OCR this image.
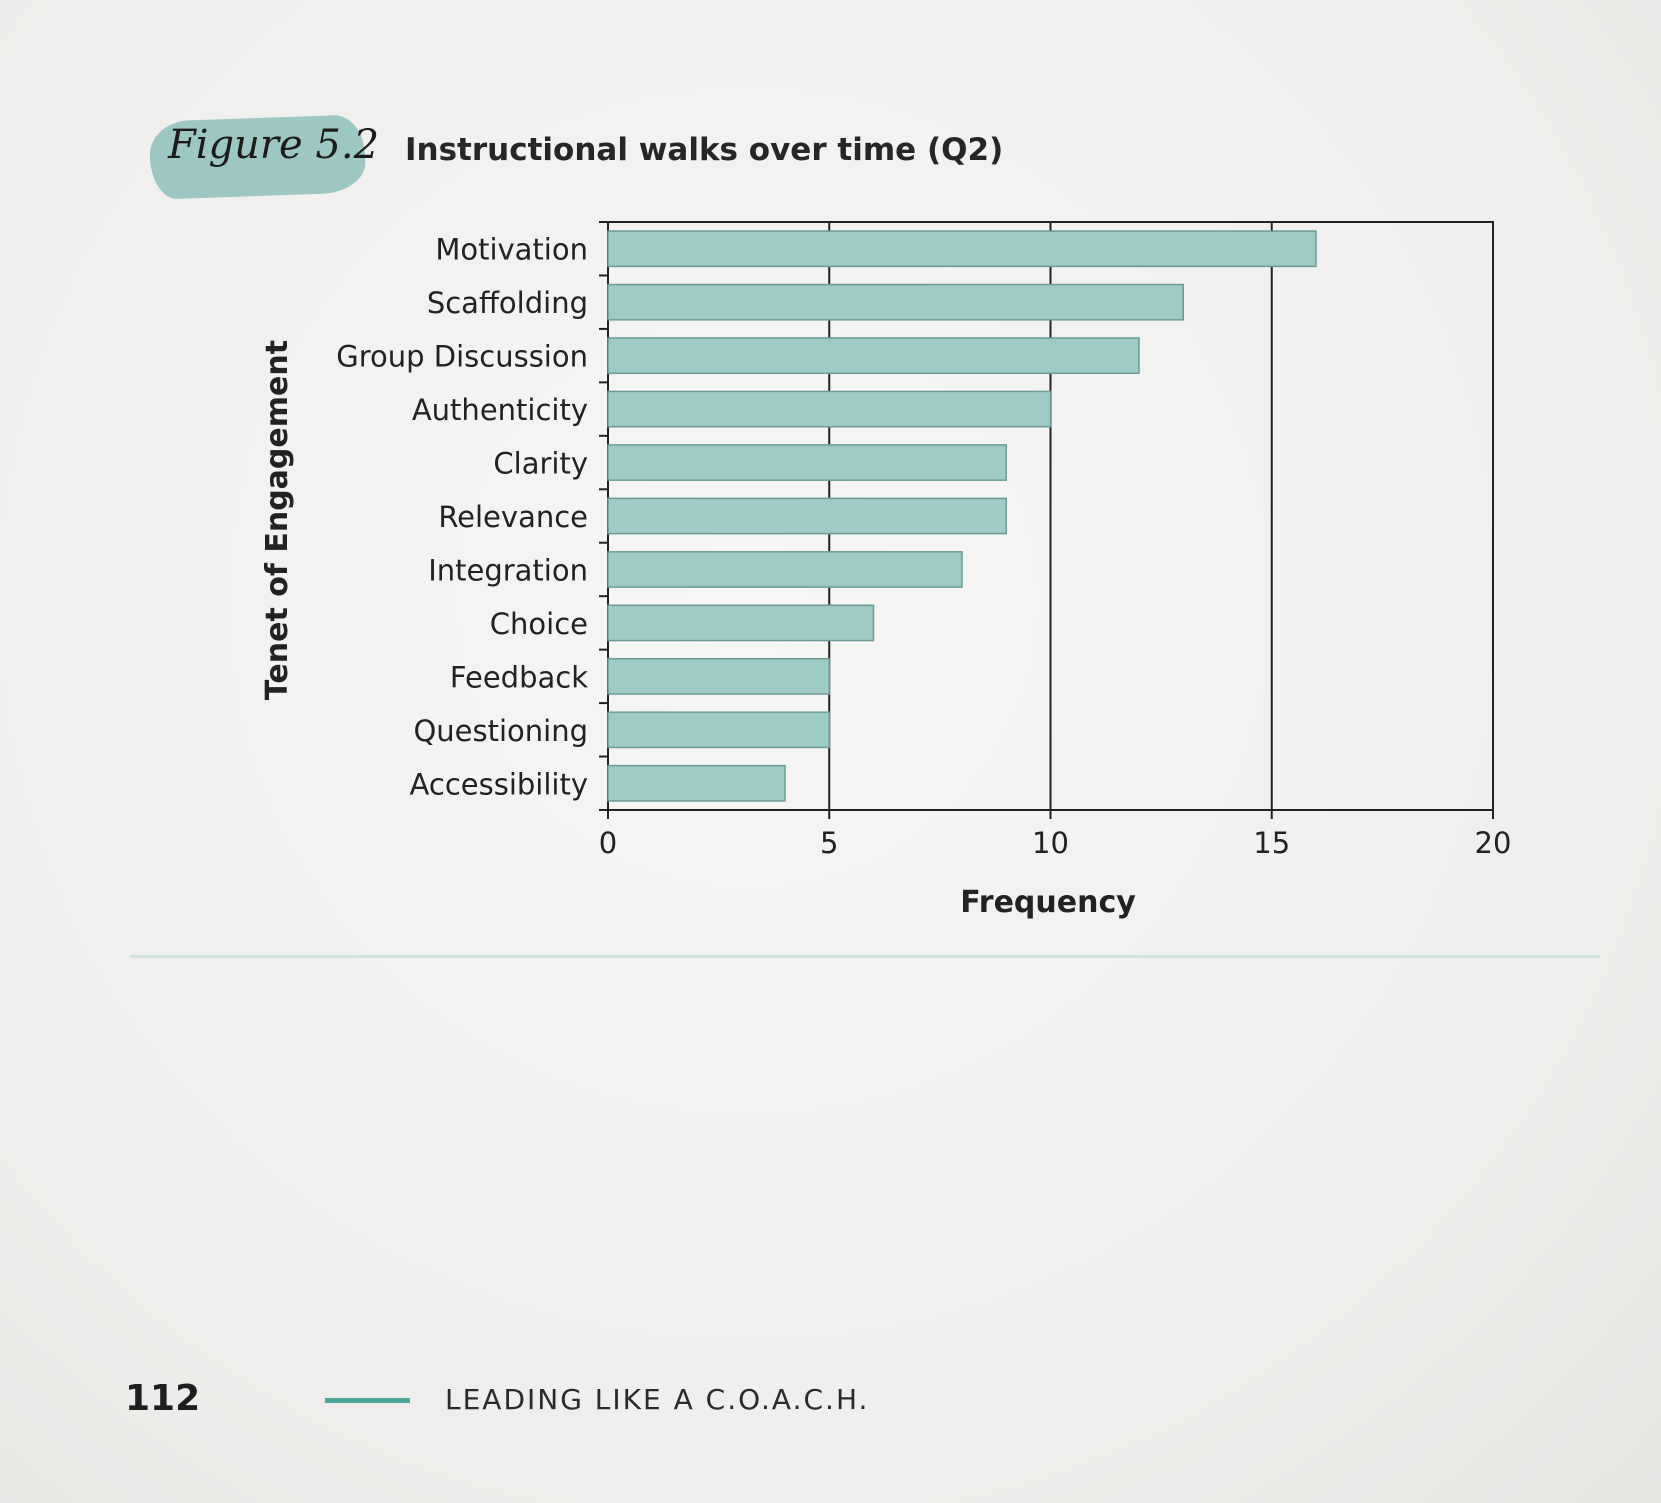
Figure 5.2 Instructional walks over time (Q2)
0	5	10	15	20
Motivation
Scaffolding
Group Discussion
Authenticity
Clarity
Relevance
Integration
Choice
Feedback
Questioning
Accessibility
Tenet of Engagement
Frequency
112	LEADING LIKE A C.O.A.C.H.
